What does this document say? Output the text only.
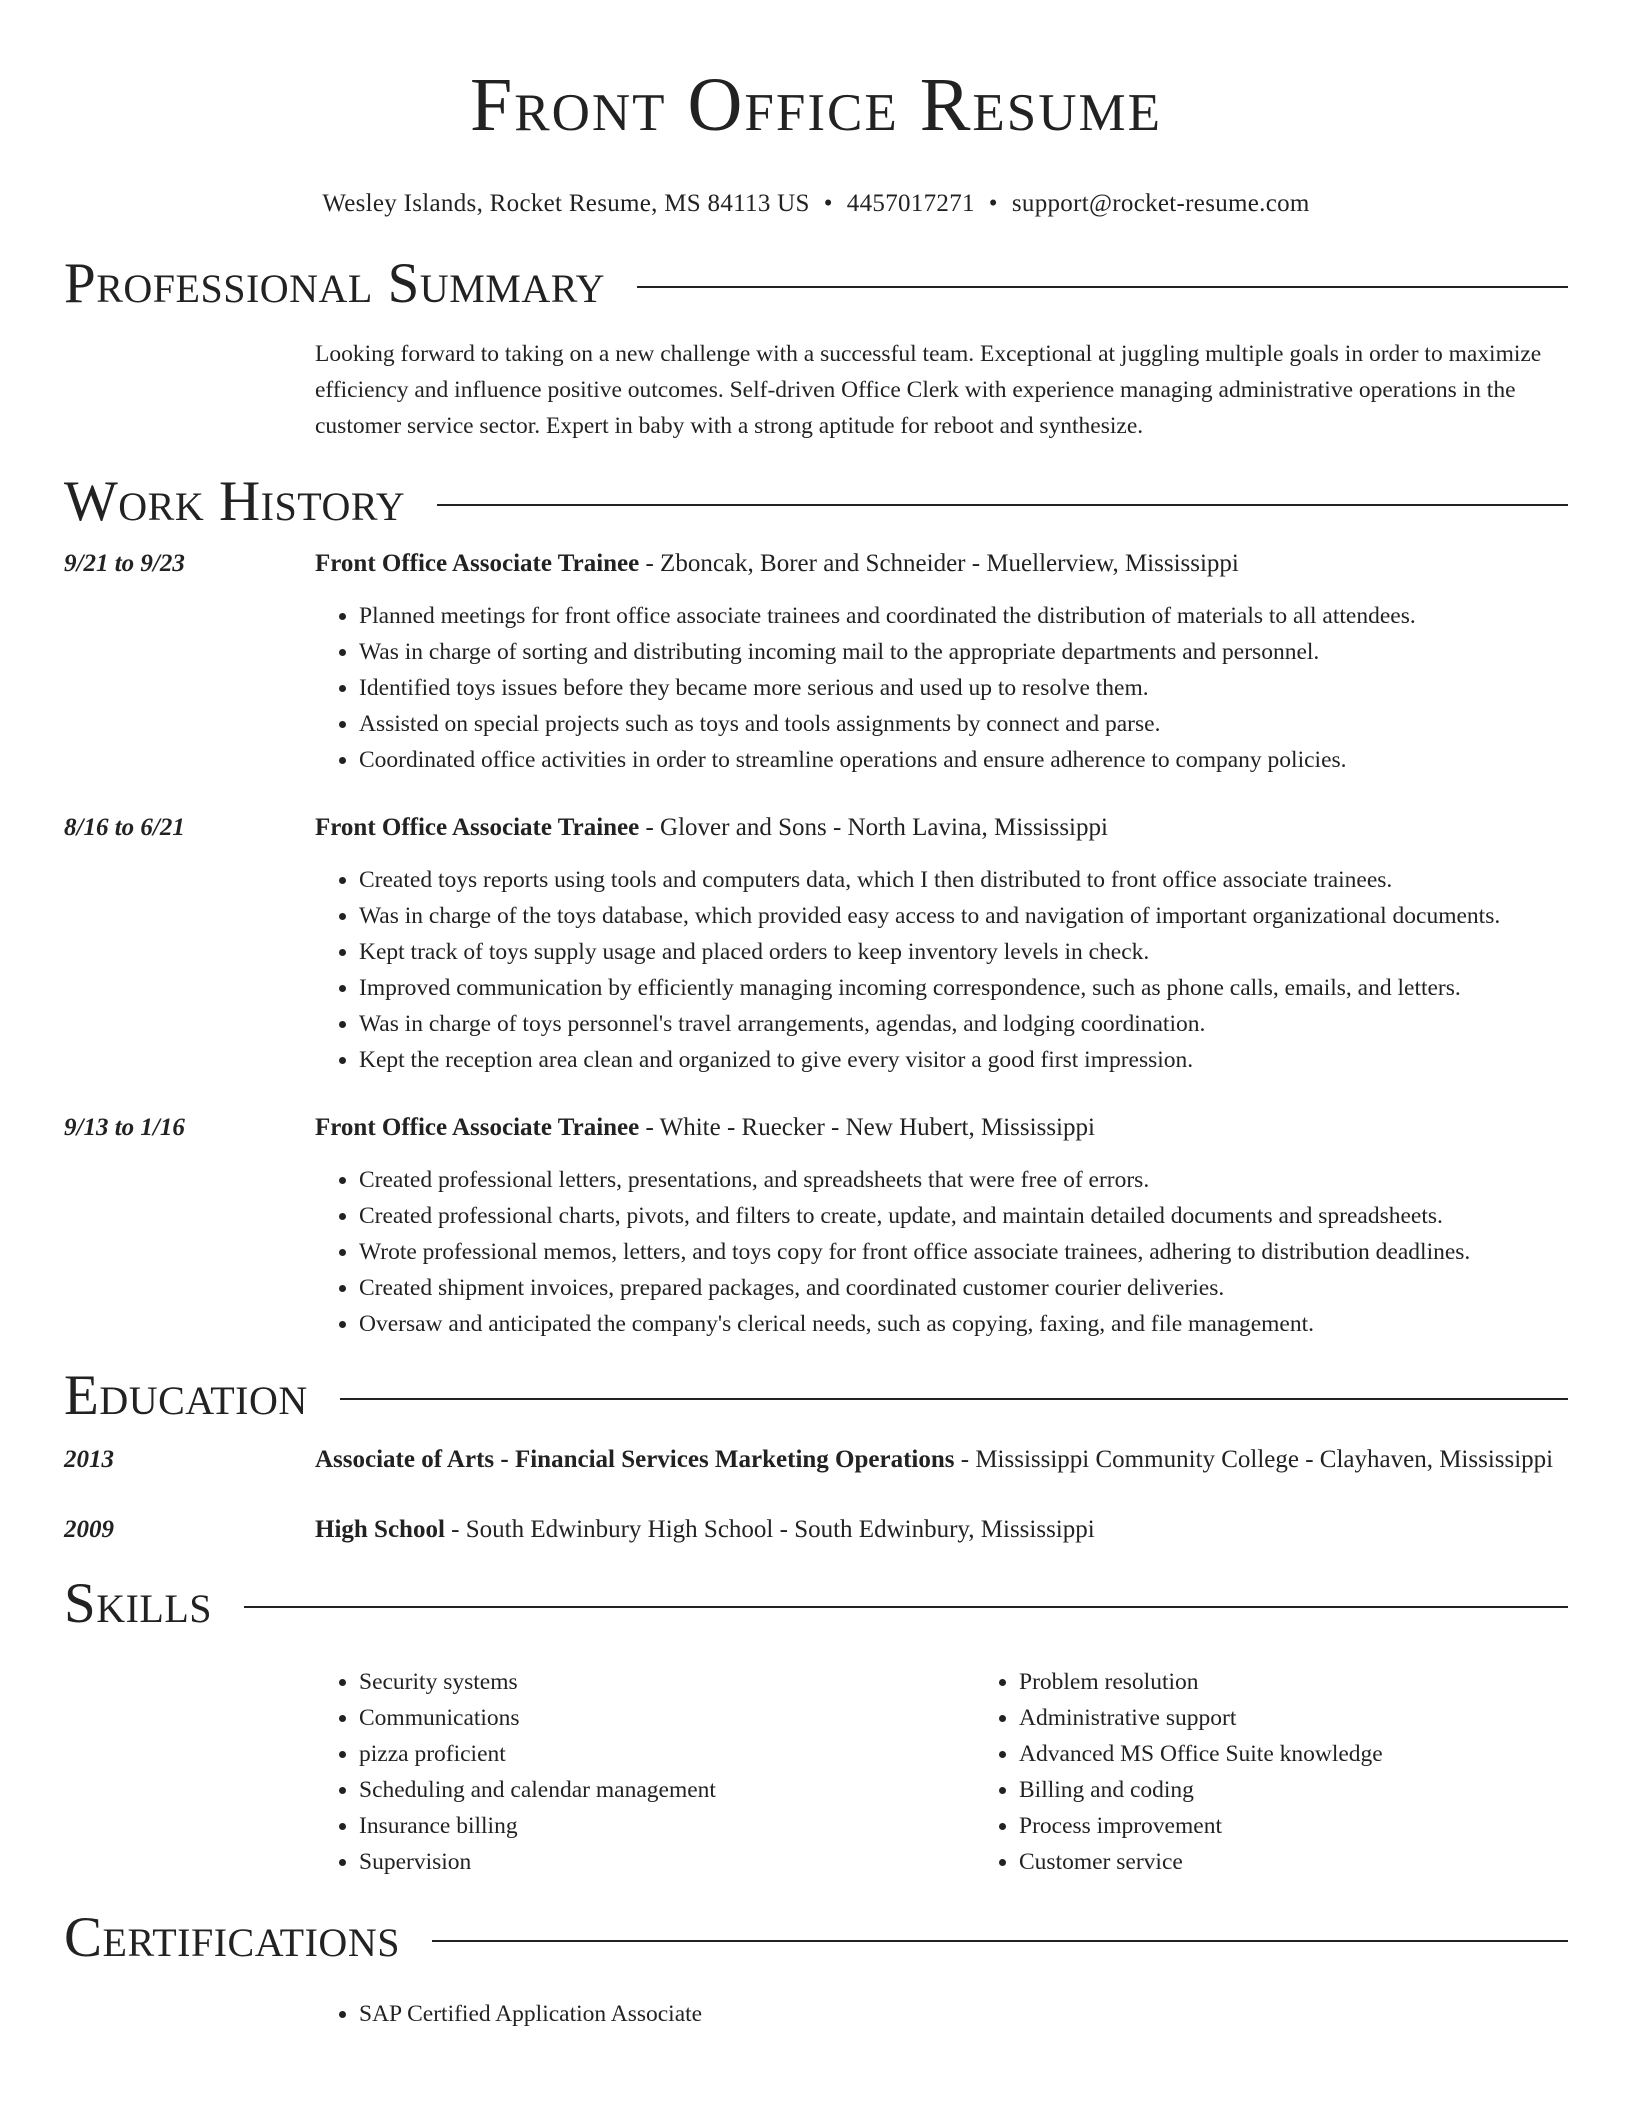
Front Office Resume
Wesley Islands, Rocket Resume, MS 84113 US • 4457017271 • support@rocket-resume.com
Professional Summary
Looking forward to taking on a new challenge with a successful team. Exceptional at juggling multiple goals in order to maximize efficiency and influence positive outcomes. Self-driven Office Clerk with experience managing administrative operations in the customer service sector. Expert in baby with a strong aptitude for reboot and synthesize.
Work History
9/21 to 9/23	Front Office Associate Trainee - Zboncak, Borer and Schneider - Muellerview, Mississippi
• Planned meetings for front office associate trainees and coordinated the distribution of materials to all attendees.
• Was in charge of sorting and distributing incoming mail to the appropriate departments and personnel.
• Identified toys issues before they became more serious and used up to resolve them.
• Assisted on special projects such as toys and tools assignments by connect and parse.
• Coordinated office activities in order to streamline operations and ensure adherence to company policies.
8/16 to 6/21	Front Office Associate Trainee - Glover and Sons - North Lavina, Mississippi
• Created toys reports using tools and computers data, which I then distributed to front office associate trainees.
• Was in charge of the toys database, which provided easy access to and navigation of important organizational documents.
• Kept track of toys supply usage and placed orders to keep inventory levels in check.
• Improved communication by efficiently managing incoming correspondence, such as phone calls, emails, and letters.
• Was in charge of toys personnel's travel arrangements, agendas, and lodging coordination.
• Kept the reception area clean and organized to give every visitor a good first impression.
9/13 to 1/16	Front Office Associate Trainee - White - Ruecker - New Hubert, Mississippi
• Created professional letters, presentations, and spreadsheets that were free of errors.
• Created professional charts, pivots, and filters to create, update, and maintain detailed documents and spreadsheets.
• Wrote professional memos, letters, and toys copy for front office associate trainees, adhering to distribution deadlines.
• Created shipment invoices, prepared packages, and coordinated customer courier deliveries.
• Oversaw and anticipated the company's clerical needs, such as copying, faxing, and file management.
Education
2013	Associate of Arts - Financial Services Marketing Operations - Mississippi Community College - Clayhaven, Mississippi
2009	High School - South Edwinbury High School - South Edwinbury, Mississippi
Skills
• Security systems
• Communications
• pizza proficient
• Scheduling and calendar management
• Insurance billing
• Supervision
• Problem resolution
• Administrative support
• Advanced MS Office Suite knowledge
• Billing and coding
• Process improvement
• Customer service
Certifications
• SAP Certified Application Associate
